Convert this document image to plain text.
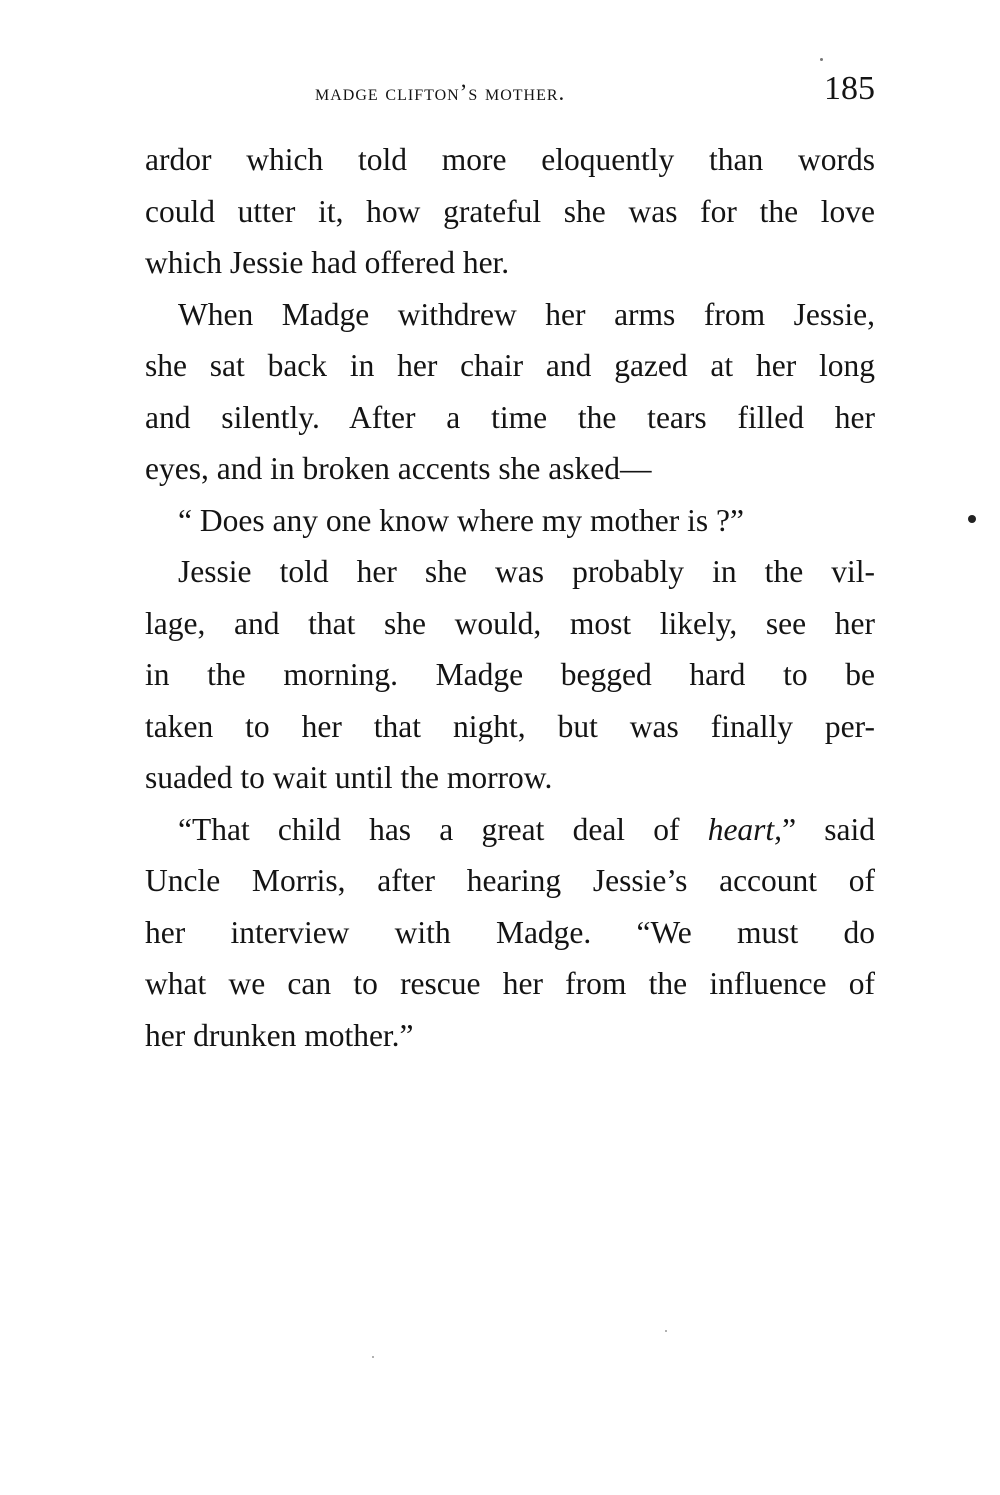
madge clifton’s mother.	185
ardor which told more eloquently than words
could utter it, how grateful she was for the love
which Jessie had offered her.
When Madge withdrew her arms from Jessie,
she sat back in her chair and gazed at her long
and silently. After a time the tears filled her
eyes, and in broken accents she asked—
“ Does any one know where my mother is ?”
Jessie told her she was probably in the vil-
lage, and that she would, most likely, see her
in the morning. Madge begged hard to be
taken to her that night, but was finally per-
suaded to wait until the morrow.
“That child has a great deal of heart,” said
Uncle Morris, after hearing Jessie’s account of
her interview with Madge. “We must do
what we can to rescue her from the influence of
her drunken mother.”
